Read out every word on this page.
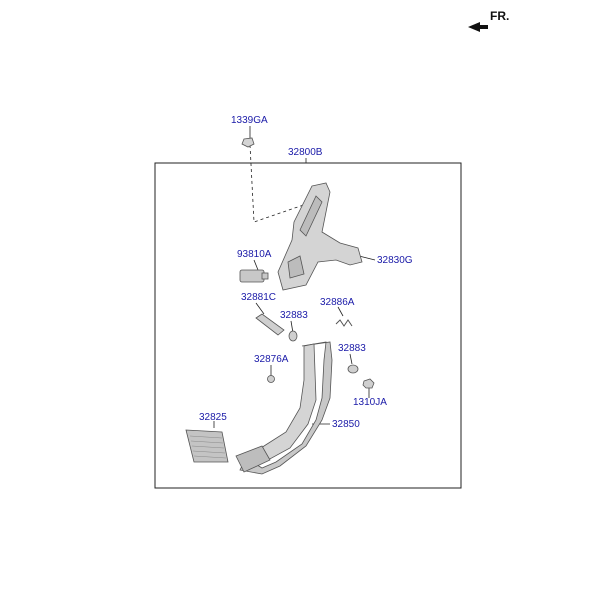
FR.
1339GA
32800B
93810A
32830G
32881C	32886A
32883
32883
32876A
1310JA
32825
32850
